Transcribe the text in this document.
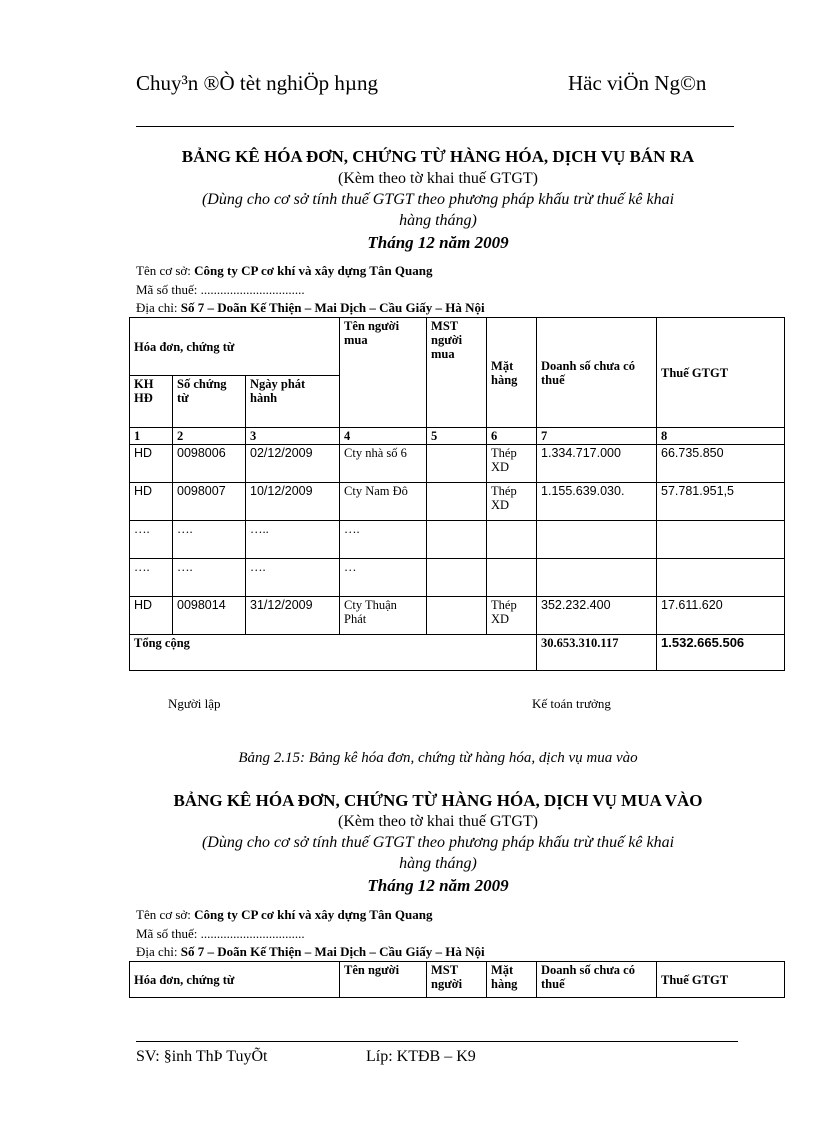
Chuy³n ®Ò tèt nghiÖp hµng	Häc viÖn Ng©n
BẢNG KÊ HÓA ĐƠN, CHỨNG TỪ HÀNG HÓA, DỊCH VỤ BÁN RA
(Kèm theo tờ khai thuế GTGT)
(Dùng cho cơ sở tính thuế GTGT theo phương pháp khấu trừ thuế kê khai
hàng tháng)
Tháng 12 năm 2009
Tên cơ sở: Công ty CP cơ khí và xây dựng Tân Quang
Mã số thuế: ................................
Địa chỉ: Số 7 – Doãn Kế Thiện – Mai Dịch – Cầu Giấy – Hà Nội
Hóa đơn, chứng từ			Tên người mua	MST người mua	Mặt hàng	Doanh số chưa có thuế	Thuế GTGT
KH HĐ	Số chứng từ	Ngày phát hành					
1	2	3	4	5	6	7	8
HD	0098006	02/12/2009	Cty nhà số 6		Thép XD	1.334.717.000	66.735.850
HD	0098007	10/12/2009	Cty Nam Đô		Thép XD	1.155.639.030.	57.781.951,5
….	….	…..	….				
….	….	….	…				
HD	0098014	31/12/2009	Cty Thuận Phát		Thép XD	352.232.400	17.611.620
Tổng cộng						30.653.310.117	1.532.665.506
Người lập	Kế toán trưởng
Bảng 2.15: Bảng kê hóa đơn, chứng từ hàng hóa, dịch vụ mua vào
BẢNG KÊ HÓA ĐƠN, CHỨNG TỪ HÀNG HÓA, DỊCH VỤ MUA VÀO
(Kèm theo tờ khai thuế GTGT)
(Dùng cho cơ sở tính thuế GTGT theo phương pháp khấu trừ thuế kê khai
hàng tháng)
Tháng 12 năm 2009
Tên cơ sở: Công ty CP cơ khí và xây dựng Tân Quang
Mã số thuế: ................................
Địa chỉ: Số 7 – Doãn Kế Thiện – Mai Dịch – Cầu Giấy – Hà Nội
Hóa đơn, chứng từ	Tên người	MST người	Mặt hàng	Doanh số chưa có thuế	Thuế GTGT
SV: §inh ThÞ TuyÕt	Líp: KTĐB – K9
